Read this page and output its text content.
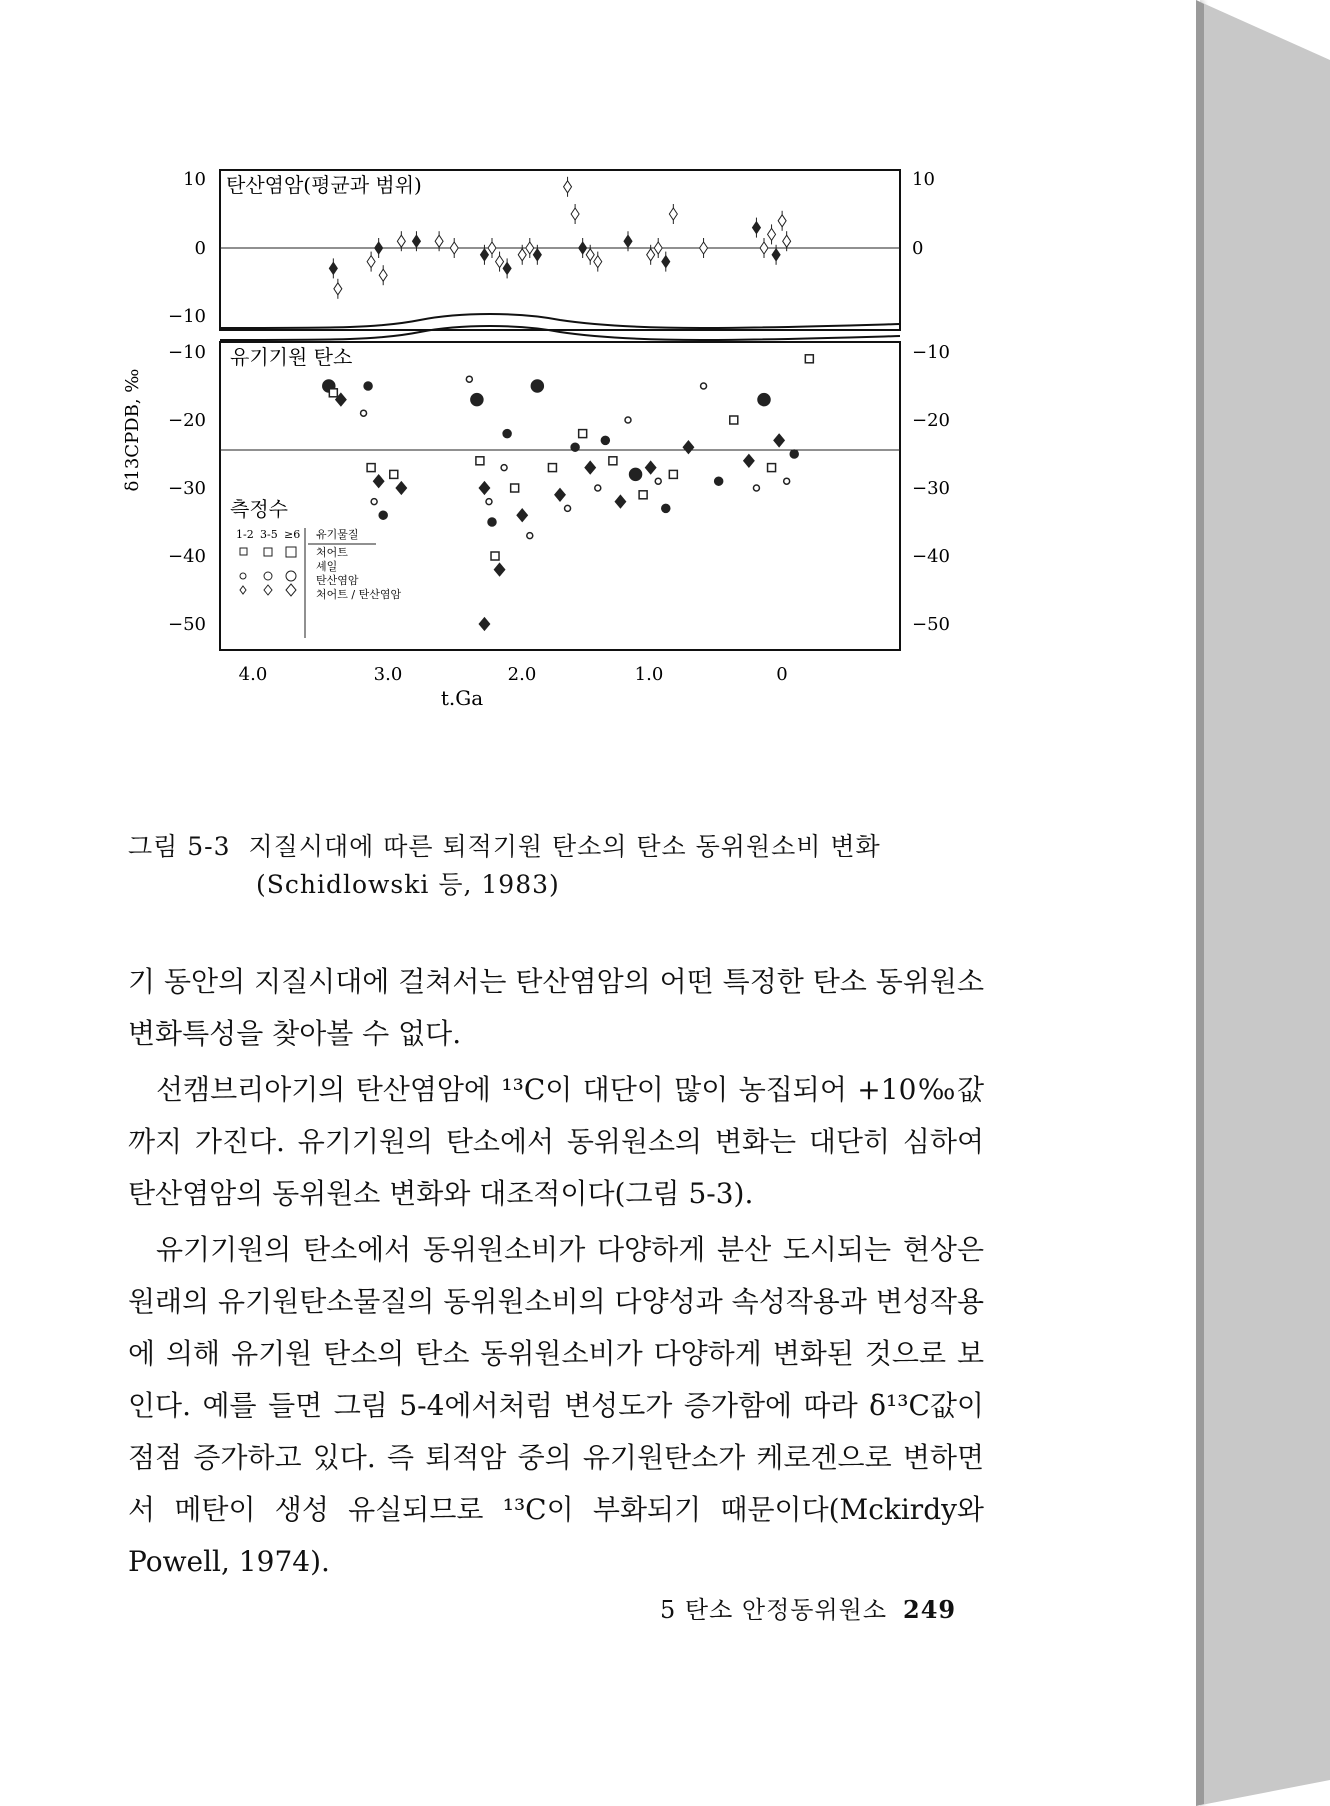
탄산염암(평균과 범위)
유기기원 탄소
10
0
−10
10
0
−10
−20
−30
−40
−50
−10
−20
−30
−40
−50
δ13CPDB, ‰
4.0	3.0	2.0	1.0	0
t.Ga
측정수
1-2 3-5 ≥6 유기물질
처어트
셰일
탄산염암
처어트 / 탄산염암
그림 5-3 지질시대에 따른 퇴적기원 탄소의 탄소 동위원소비 변화
(Schidlowski 등, 1983)

기 동안의 지질시대에 걸쳐서는 탄산염암의 어떤 특정한 탄소 동위원소 변화특성을 찾아볼 수 없다.

선캠브리아기의 탄산염암에 ¹³C이 대단이 많이 농집되어 +10‰값까지 가진다. 유기기원의 탄소에서 동위원소의 변화는 대단히 심하여 탄산염암의 동위원소 변화와 대조적이다(그림 5-3).

유기기원의 탄소에서 동위원소비가 다양하게 분산 도시되는 현상은 원래의 유기원탄소물질의 동위원소비의 다양성과 속성작용과 변성작용에 의해 유기원 탄소의 탄소 동위원소비가 다양하게 변화된 것으로 보인다. 예를 들면 그림 5-4에서처럼 변성도가 증가함에 따라 δ¹³C값이 점점 증가하고 있다. 즉 퇴적암 중의 유기원탄소가 케로겐으로 변하면서 메탄이 생성 유실되므로 ¹³C이 부화되기 때문이다(Mckirdy와 Powell, 1974).

5 탄소 안정동위원소 249
